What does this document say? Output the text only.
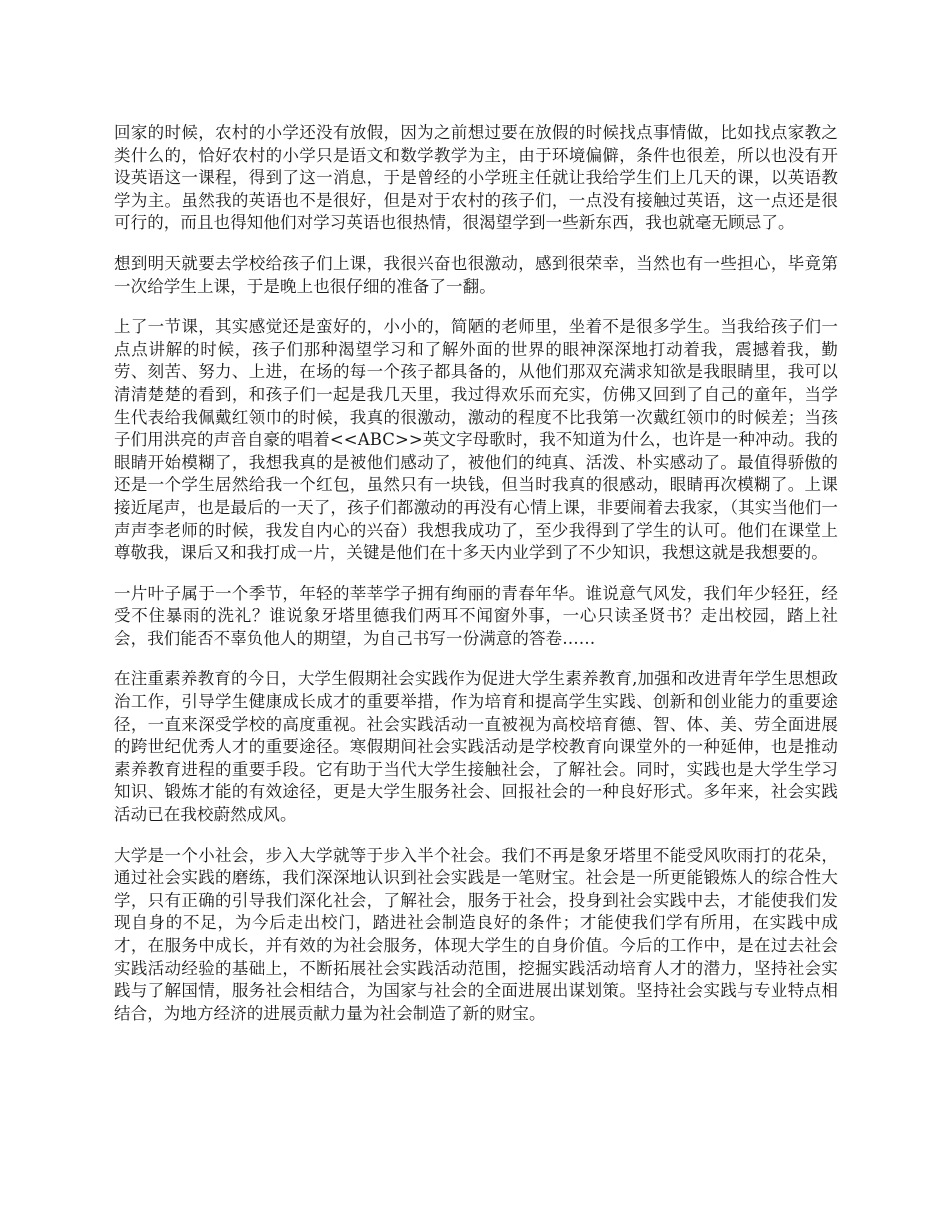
回家的时候，农村的小学还没有放假，因为之前想过要在放假的时候找点事情做，比如找点家教之类什么的，恰好农村的小学只是语文和数学教学为主，由于环境偏僻，条件也很差，所以也没有开设英语这一课程，得到了这一消息，于是曾经的小学班主任就让我给学生们上几天的课，以英语教学为主。虽然我的英语也不是很好，但是对于农村的孩子们，一点没有接触过英语，这一点还是很可行的，而且也得知他们对学习英语也很热情，很渴望学到一些新东西，我也就毫无顾忌了。

想到明天就要去学校给孩子们上课，我很兴奋也很激动，感到很荣幸，当然也有一些担心，毕竟第一次给学生上课，于是晚上也很仔细的准备了一翻。

上了一节课，其实感觉还是蛮好的，小小的，简陋的老师里，坐着不是很多学生。当我给孩子们一点点讲解的时候，孩子们那种渴望学习和了解外面的世界的眼神深深地打动着我，震撼着我，勤劳、刻苦、努力、上进，在场的每一个孩子都具备的，从他们那双充满求知欲是我眼睛里，我可以清清楚楚的看到，和孩子们一起是我几天里，我过得欢乐而充实，仿佛又回到了自己的童年，当学生代表给我佩戴红领巾的时候，我真的很激动，激动的程度不比我第一次戴红领巾的时候差；当孩子们用洪亮的声音自豪的唱着<<ABC>>英文字母歌时，我不知道为什么，也许是一种冲动。我的眼睛开始模糊了，我想我真的是被他们感动了，被他们的纯真、活泼、朴实感动了。最值得骄傲的还是一个学生居然给我一个红包，虽然只有一块钱，但当时我真的很感动，眼睛再次模糊了。上课接近尾声，也是最后的一天了，孩子们都激动的再没有心情上课，非要闹着去我家，（其实当他们一声声李老师的时候，我发自内心的兴奋）我想我成功了，至少我得到了学生的认可。他们在课堂上尊敬我，课后又和我打成一片，关键是他们在十多天内业学到了不少知识，我想这就是我想要的。

一片叶子属于一个季节，年轻的莘莘学子拥有绚丽的青春年华。谁说意气风发，我们年少轻狂，经受不住暴雨的洗礼？谁说象牙塔里德我们两耳不闻窗外事，一心只读圣贤书？走出校园，踏上社会，我们能否不辜负他人的期望，为自己书写一份满意的答卷……

在注重素养教育的今日，大学生假期社会实践作为促进大学生素养教育,加强和改进青年学生思想政治工作，引导学生健康成长成才的重要举措，作为培育和提高学生实践、创新和创业能力的重要途径，一直来深受学校的高度重视。社会实践活动一直被视为高校培育德、智、体、美、劳全面进展的跨世纪优秀人才的重要途径。寒假期间社会实践活动是学校教育向课堂外的一种延伸，也是推动素养教育进程的重要手段。它有助于当代大学生接触社会，了解社会。同时，实践也是大学生学习知识、锻炼才能的有效途径，更是大学生服务社会、回报社会的一种良好形式。多年来，社会实践活动已在我校蔚然成风。

大学是一个小社会，步入大学就等于步入半个社会。我们不再是象牙塔里不能受风吹雨打的花朵，通过社会实践的磨练，我们深深地认识到社会实践是一笔财宝。社会是一所更能锻炼人的综合性大学，只有正确的引导我们深化社会，了解社会，服务于社会，投身到社会实践中去，才能使我们发现自身的不足，为今后走出校门，踏进社会制造良好的条件；才能使我们学有所用，在实践中成才，在服务中成长，并有效的为社会服务，体现大学生的自身价值。今后的工作中，是在过去社会实践活动经验的基础上，不断拓展社会实践活动范围，挖掘实践活动培育人才的潜力，坚持社会实践与了解国情，服务社会相结合，为国家与社会的全面进展出谋划策。坚持社会实践与专业特点相结合，为地方经济的进展贡献力量为社会制造了新的财宝。
